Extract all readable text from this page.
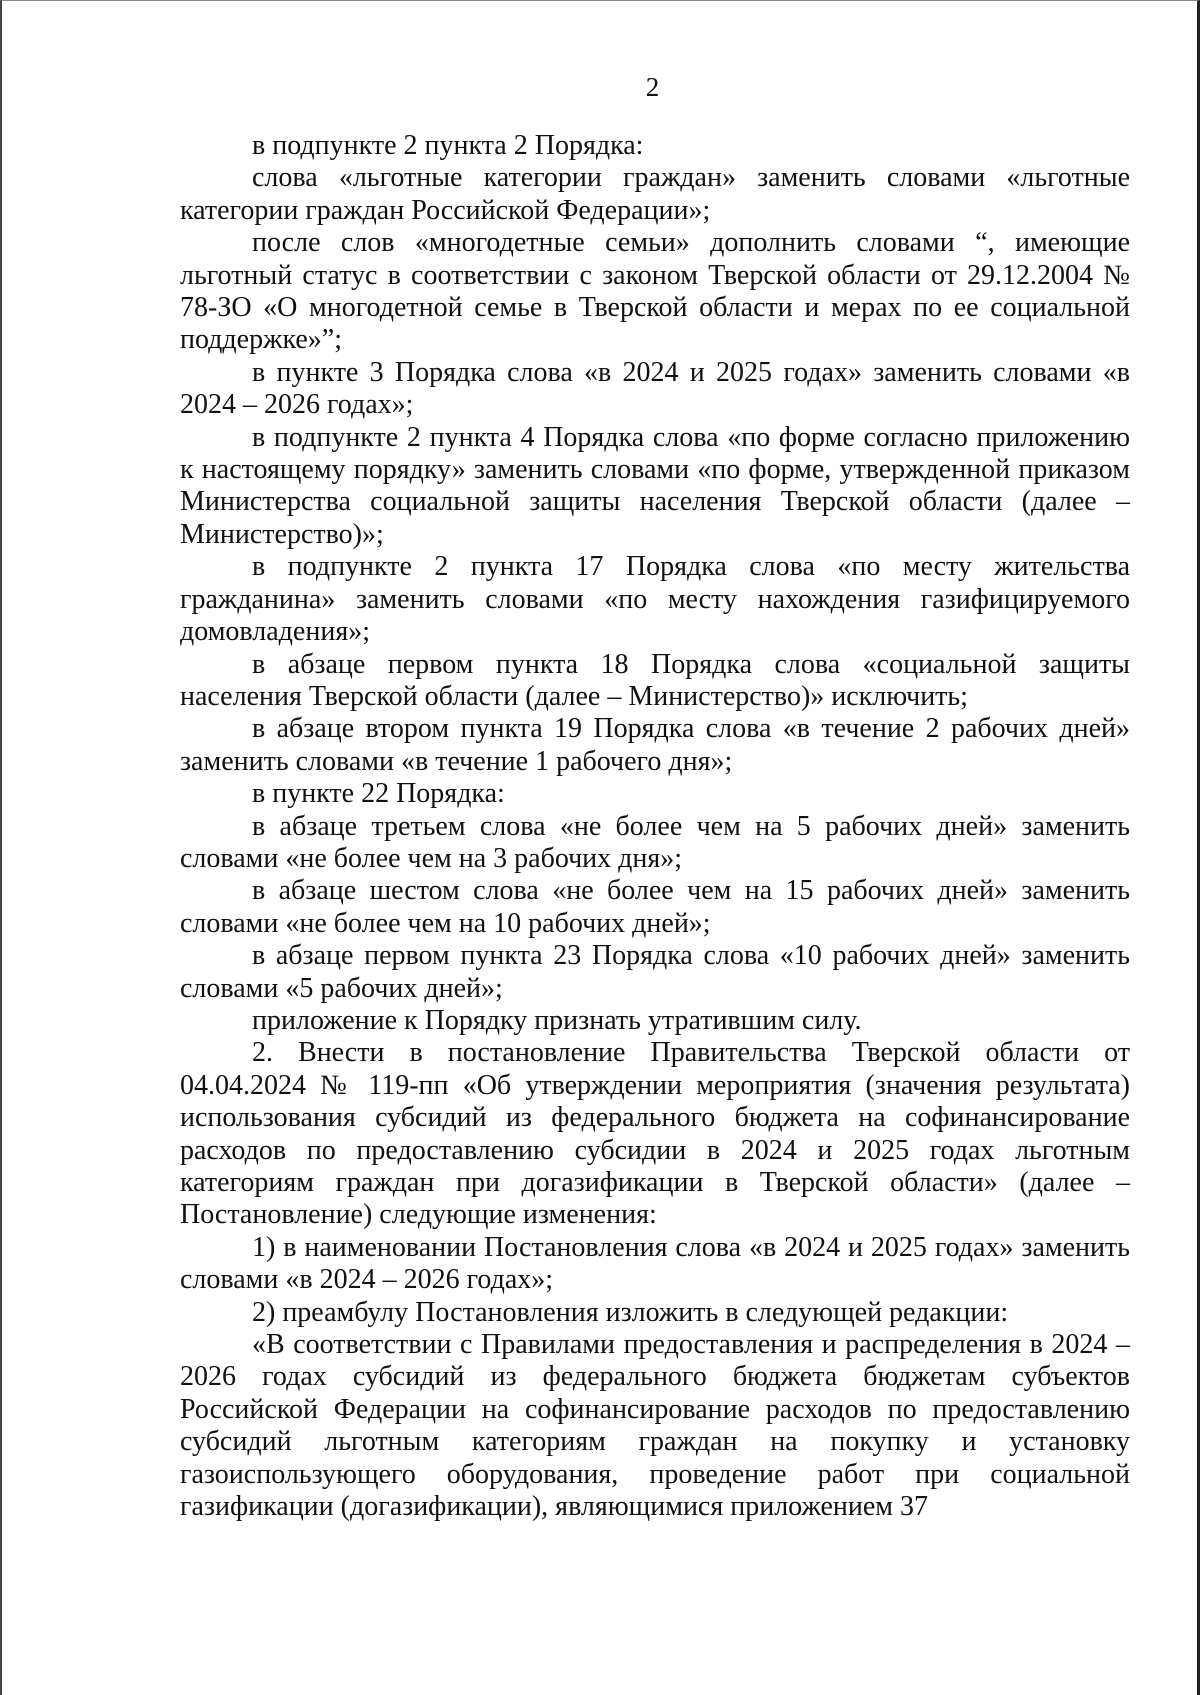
2

в подпункте 2 пункта 2 Порядка:

слова «льготные категории граждан» заменить словами «льготные категории граждан Российской Федерации»;

после слов «многодетные семьи» дополнить словами “, имеющие льготный статус в соответствии с законом Тверской области от 29.12.2004 № 78-ЗО «О многодетной семье в Тверской области и мерах по ее социальной поддержке»”;

в пункте 3 Порядка слова «в 2024 и 2025 годах» заменить словами «в 2024 – 2026 годах»;

в подпункте 2 пункта 4 Порядка слова «по форме согласно приложению к настоящему порядку» заменить словами «по форме, утвержденной приказом Министерства социальной защиты населения Тверской области (далее – Министерство)»;

в подпункте 2 пункта 17 Порядка слова «по месту жительства гражданина» заменить словами «по месту нахождения газифицируемого домовладения»;

в абзаце первом пункта 18 Порядка слова «социальной защиты населения Тверской области (далее – Министерство)» исключить;

в абзаце втором пункта 19 Порядка слова «в течение 2 рабочих дней» заменить словами «в течение 1 рабочего дня»;

в пункте 22 Порядка:

в абзаце третьем слова «не более чем на 5 рабочих дней» заменить словами «не более чем на 3 рабочих дня»;

в абзаце шестом слова «не более чем на 15 рабочих дней» заменить словами «не более чем на 10 рабочих дней»;

в абзаце первом пункта 23 Порядка слова «10 рабочих дней» заменить словами «5 рабочих дней»;

приложение к Порядку признать утратившим силу.

2. Внести в постановление Правительства Тверской области от 04.04.2024 № 119-пп «Об утверждении мероприятия (значения результата) использования субсидий из федерального бюджета на софинансирование расходов по предоставлению субсидии в 2024 и 2025 годах льготным категориям граждан при догазификации в Тверской области» (далее – Постановление) следующие изменения:

1) в наименовании Постановления слова «в 2024 и 2025 годах» заменить словами «в 2024 – 2026 годах»;

2) преамбулу Постановления изложить в следующей редакции:

«В соответствии с Правилами предоставления и распределения в 2024 – 2026 годах субсидий из федерального бюджета бюджетам субъектов Российской Федерации на софинансирование расходов по предоставлению субсидий льготным категориям граждан на покупку и установку газоиспользующего оборудования, проведение работ при социальной газификации (догазификации), являющимися приложением 37
